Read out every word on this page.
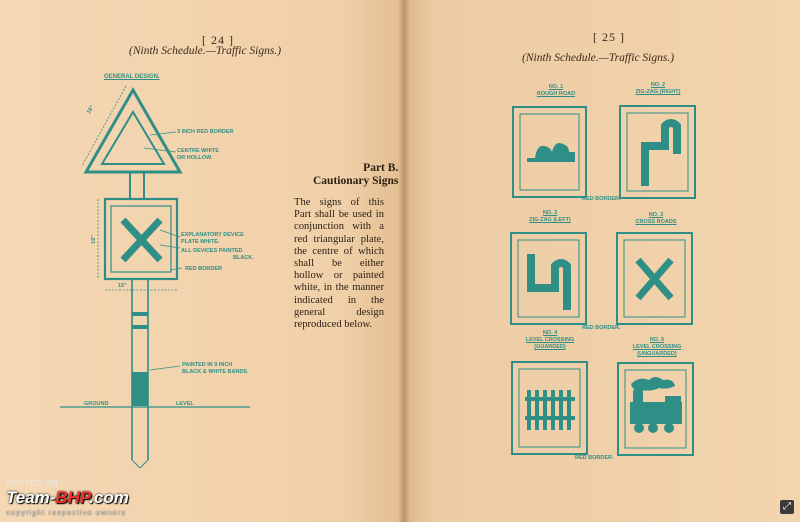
[ 24 ]
(Ninth Schedule.—Traffic Signs.)
GENERAL DESIGN.
18"
16"
15"
3 INCH RED BORDER
CENTRE WHITE
OR HOLLOW.
EXPLANATORY DEVICE
PLATE WHITE.
ALL DEVICES PAINTED
BLACK.
RED BORDER
PAINTED IN 9 INCH
BLACK & WHITE BANDS.
GROUND	LEVEL
Part B.
Cautionary Signs
The signs of this Part shall be used in conjunction with a red triangular plate, the centre of which shall be either hollow or painted white, in the manner indicated in the general design reproduced below.
[ 25 ]
(Ninth Schedule.—Traffic Signs.)
NO. 1
ROUGH ROAD
NO. 2
ZIG-ZAG (RIGHT)
NO. 2
ZIG-ZAG (LEFT)
NO. 3
CROSS ROADS
NO. 4
LEVEL CROSSING
(GUARDED)
NO. 5
LEVEL CROSSING
(UNGUARDED)
RED BORDER.
RED BORDER.
RED BORDER.
HOSTED ON :
Team-BHP.com
copyright respective owners
⤢
